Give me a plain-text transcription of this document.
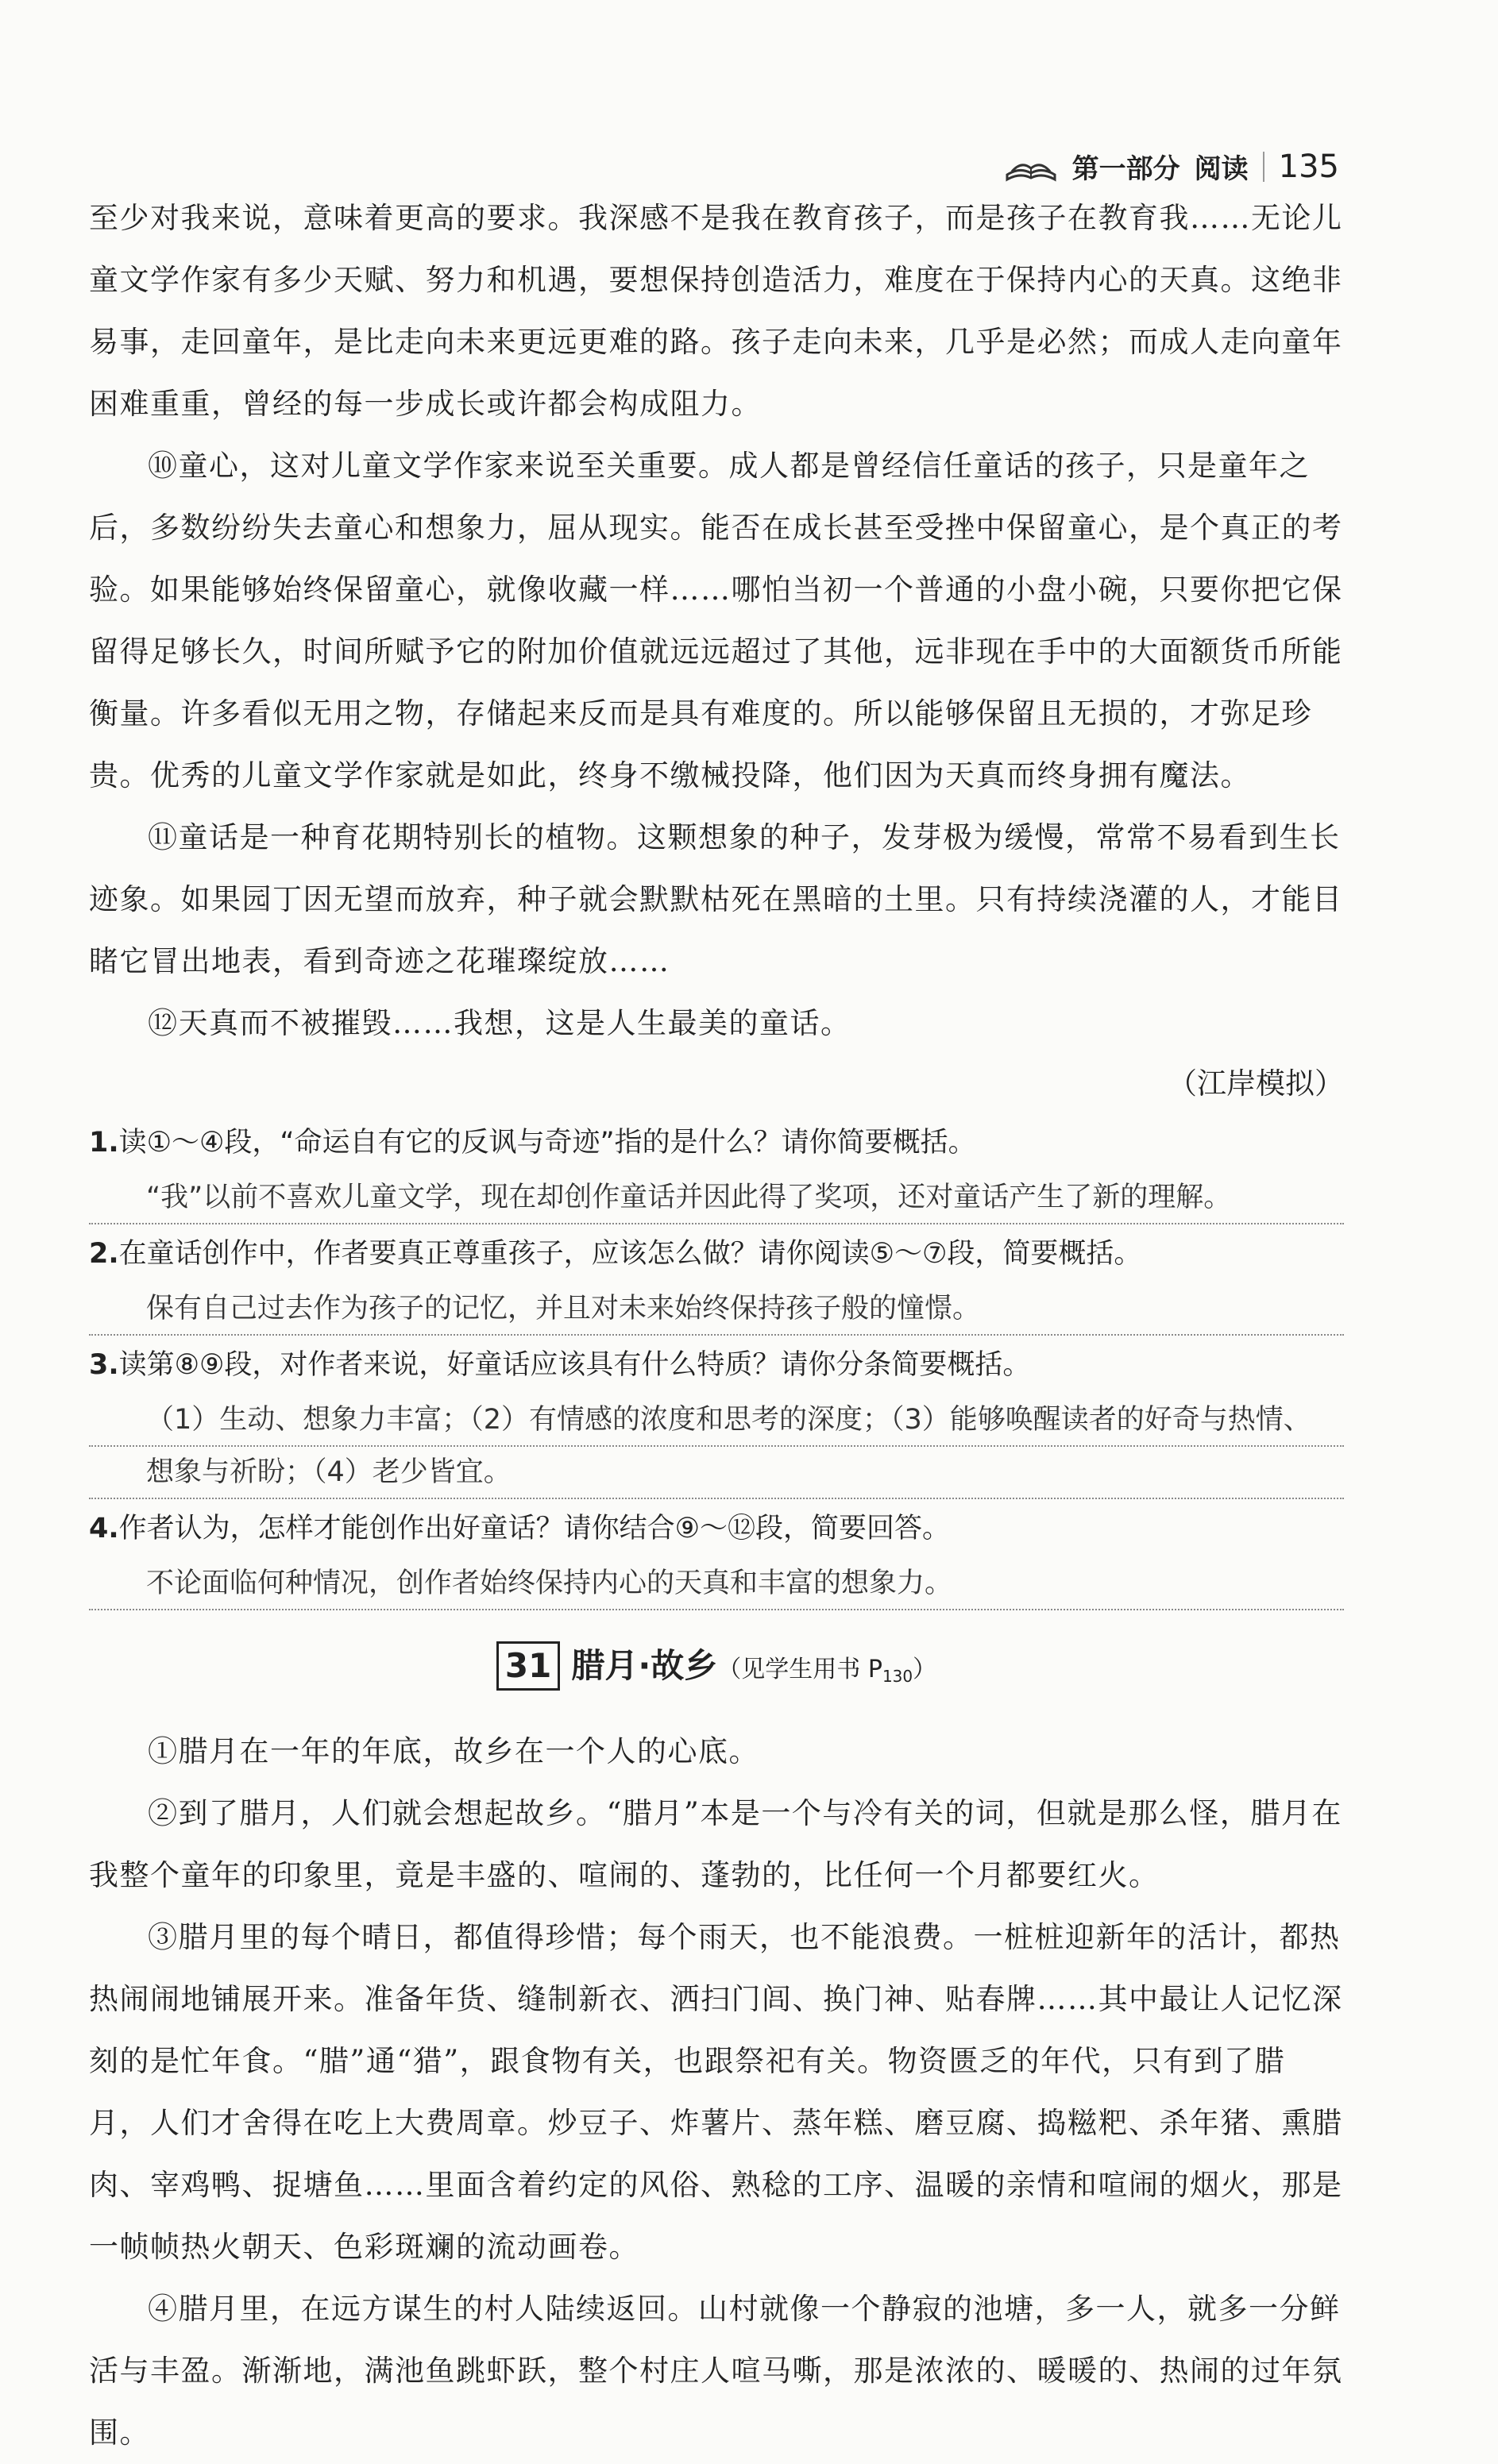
第一部分 阅读 135

至少对我来说，意味着更高的要求。我深感不是我在教育孩子，而是孩子在教育我……无论儿童文学作家有多少天赋、努力和机遇，要想保持创造活力，难度在于保持内心的天真。这绝非易事，走回童年，是比走向未来更远更难的路。孩子走向未来，几乎是必然；而成人走向童年困难重重，曾经的每一步成长或许都会构成阻力。

⑩童心，这对儿童文学作家来说至关重要。成人都是曾经信任童话的孩子，只是童年之后，多数纷纷失去童心和想象力，屈从现实。能否在成长甚至受挫中保留童心，是个真正的考验。如果能够始终保留童心，就像收藏一样……哪怕当初一个普通的小盘小碗，只要你把它保留得足够长久，时间所赋予它的附加价值就远远超过了其他，远非现在手中的大面额货币所能衡量。许多看似无用之物，存储起来反而是具有难度的。所以能够保留且无损的，才弥足珍贵。优秀的儿童文学作家就是如此，终身不缴械投降，他们因为天真而终身拥有魔法。

⑪童话是一种育花期特别长的植物。这颗想象的种子，发芽极为缓慢，常常不易看到生长迹象。如果园丁因无望而放弃，种子就会默默枯死在黑暗的土里。只有持续浇灌的人，才能目睹它冒出地表，看到奇迹之花璀璨绽放……

⑫天真而不被摧毁……我想，这是人生最美的童话。

（江岸模拟）

1.读①～④段，“命运自有它的反讽与奇迹”指的是什么？请你简要概括。

“我”以前不喜欢儿童文学，现在却创作童话并因此得了奖项，还对童话产生了新的理解。

2.在童话创作中，作者要真正尊重孩子，应该怎么做？请你阅读⑤～⑦段，简要概括。

保有自己过去作为孩子的记忆，并且对未来始终保持孩子般的憧憬。

3.读第⑧⑨段，对作者来说，好童话应该具有什么特质？请你分条简要概括。

（1）生动、想象力丰富；（2）有情感的浓度和思考的深度；（3）能够唤醒读者的好奇与热情、

想象与祈盼；（4）老少皆宜。

4.作者认为，怎样才能创作出好童话？请你结合⑨～⑫段，简要回答。

不论面临何种情况，创作者始终保持内心的天真和丰富的想象力。

31 腊月·故乡（见学生用书 $P_{130}$）

①腊月在一年的年底，故乡在一个人的心底。

②到了腊月，人们就会想起故乡。“腊月”本是一个与冷有关的词，但就是那么怪，腊月在我整个童年的印象里，竟是丰盛的、喧闹的、蓬勃的，比任何一个月都要红火。

③腊月里的每个晴日，都值得珍惜；每个雨天，也不能浪费。一桩桩迎新年的活计，都热热闹闹地铺展开来。准备年货、缝制新衣、洒扫门闾、换门神、贴春牌……其中最让人记忆深刻的是忙年食。“腊”通“猎”，跟食物有关，也跟祭祀有关。物资匮乏的年代，只有到了腊月，人们才舍得在吃上大费周章。炒豆子、炸薯片、蒸年糕、磨豆腐、捣糍粑、杀年猪、熏腊肉、宰鸡鸭、捉塘鱼……里面含着约定的风俗、熟稔的工序、温暖的亲情和喧闹的烟火，那是一帧帧热火朝天、色彩斑斓的流动画卷。

④腊月里，在远方谋生的村人陆续返回。山村就像一个静寂的池塘，多一人，就多一分鲜活与丰盈。渐渐地，满池鱼跳虾跃，整个村庄人喧马嘶，那是浓浓的、暖暖的、热闹的过年氛围。
